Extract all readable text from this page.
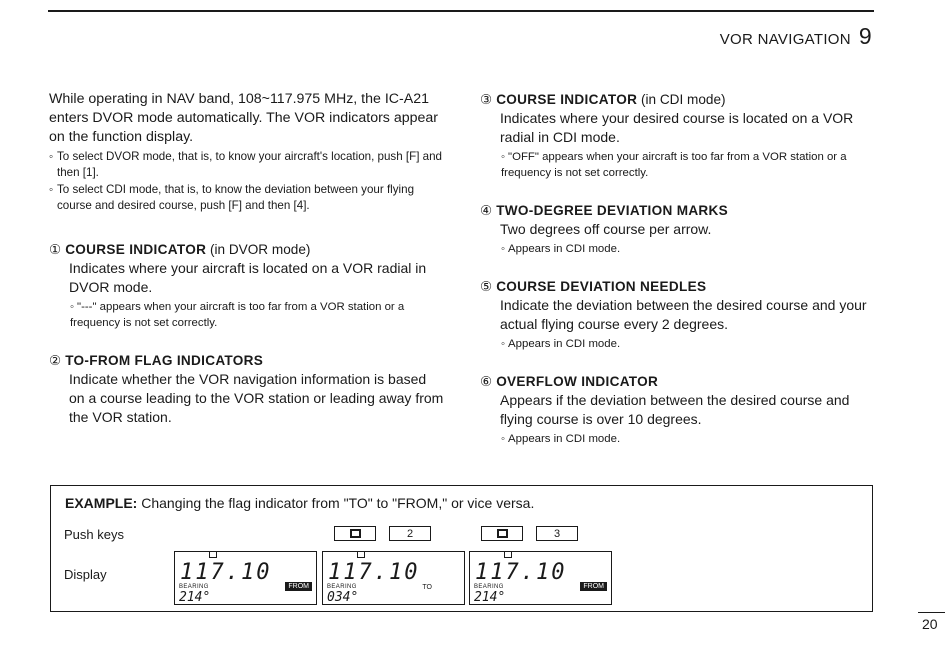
VOR NAVIGATION 9

While operating in NAV band, 108~117.975 MHz, the IC-A21 enters DVOR mode automatically. The VOR indicators appear on the function display.

◦ To select DVOR mode, that is, to know your aircraft's location, push [F] and then [1].
◦ To select CDI mode, that is, to know the deviation between your flying course and desired course, push [F] and then [4].
① COURSE INDICATOR (in DVOR mode)
Indicates where your aircraft is located on a VOR radial in DVOR mode.
◦ "---" appears when your aircraft is too far from a VOR station or a frequency is not set correctly.
② TO-FROM FLAG INDICATORS
Indicate whether the VOR navigation information is based on a course leading to the VOR station or leading away from the VOR station.
③ COURSE INDICATOR (in CDI mode)
Indicates where your desired course is located on a VOR radial in CDI mode.
◦ "OFF" appears when your aircraft is too far from a VOR station or a frequency is not set correctly.
④ TWO-DEGREE DEVIATION MARKS
Two degrees off course per arrow.
◦ Appears in CDI mode.
⑤ COURSE DEVIATION NEEDLES
Indicate the deviation between the desired course and your actual flying course every 2 degrees.
◦ Appears in CDI mode.
⑥ OVERFLOW INDICATOR
Appears if the deviation between the desired course and flying course is over 10 degrees.
◦ Appears in CDI mode.
EXAMPLE: Changing the flag indicator from "TO" to "FROM," or vice versa.
Push keys
Display
2	3
117.10
BEARING
214°
FROM
117.10
BEARING
034°
TO
117.10
BEARING
214°
FROM
20
